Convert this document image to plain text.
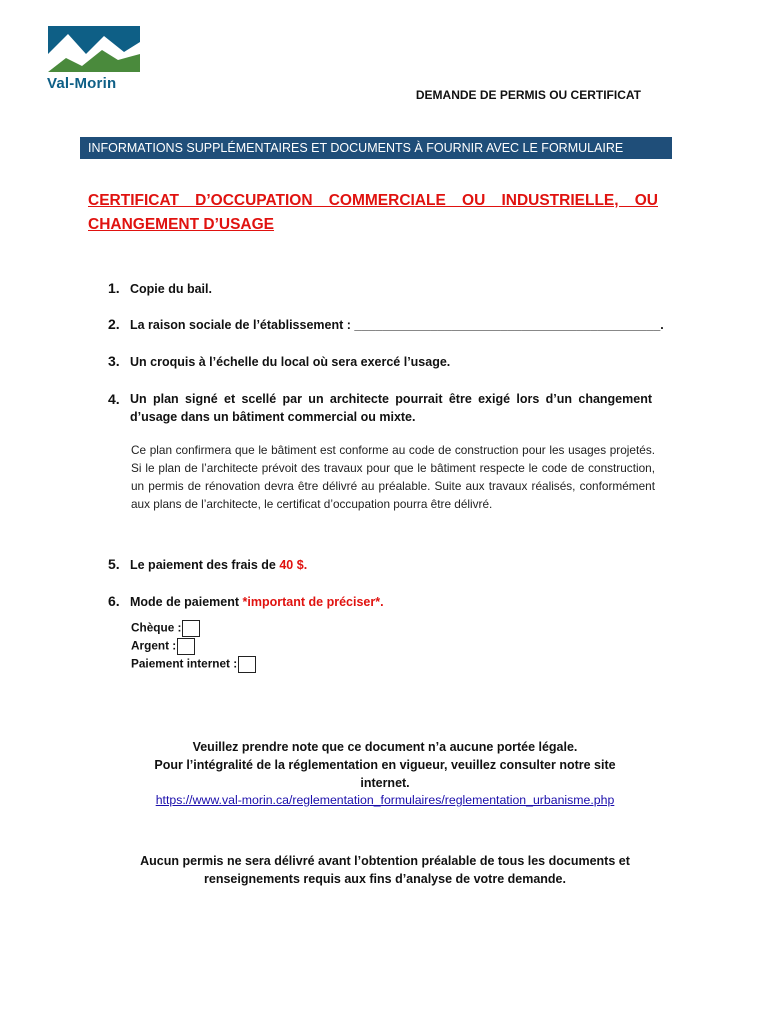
Val-Morin
DEMANDE DE PERMIS OU CERTIFICAT
INFORMATIONS SUPPLÉMENTAIRES ET DOCUMENTS À FOURNIR AVEC LE FORMULAIRE
CERTIFICAT D’OCCUPATION COMMERCIALE OU INDUSTRIELLE, OU CHANGEMENT D’USAGE
1. Copie du bail.
2. La raison sociale de l’établissement : ____________________________________________.
3. Un croquis à l’échelle du local où sera exercé l’usage.
4. Un plan signé et scellé par un architecte pourrait être exigé lors d’un changement d’usage dans un bâtiment commercial ou mixte.
Ce plan confirmera que le bâtiment est conforme au code de construction pour les usages projetés. Si le plan de l’architecte prévoit des travaux pour que le bâtiment respecte le code de construction, un permis de rénovation devra être délivré au préalable. Suite aux travaux réalisés, conformément aux plans de l’architecte, le certificat d’occupation pourra être délivré.
5. Le paiement des frais de 40 $.
6. Mode de paiement *important de préciser*.
Chèque :
Argent :
Paiement internet :
Veuillez prendre note que ce document n’a aucune portée légale.
Pour l’intégralité de la réglementation en vigueur, veuillez consulter notre site
internet.
https://www.val-morin.ca/reglementation_formulaires/reglementation_urbanisme.php
Aucun permis ne sera délivré avant l’obtention préalable de tous les documents et
renseignements requis aux fins d’analyse de votre demande.
